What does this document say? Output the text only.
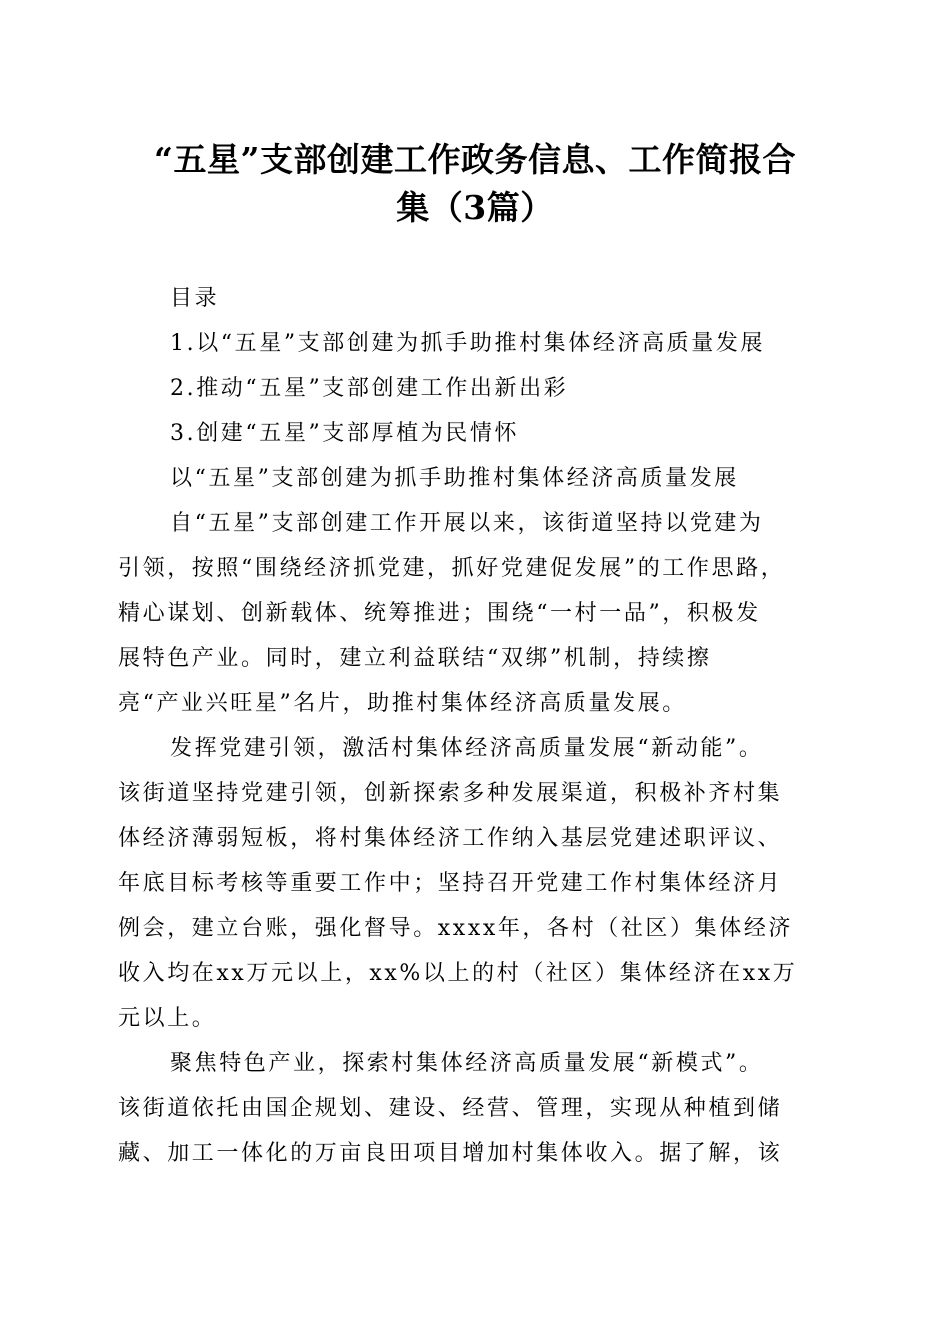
“五星”支部创建工作政务信息、工作简报合
集（3篇）

目录

1.以“五星”支部创建为抓手助推村集体经济高质量发展

2.推动“五星”支部创建工作出新出彩

3.创建“五星”支部厚植为民情怀

以“五星”支部创建为抓手助推村集体经济高质量发展

自“五星”支部创建工作开展以来，该街道坚持以党建为

引领，按照“围绕经济抓党建，抓好党建促发展”的工作思路，

精心谋划、创新载体、统筹推进；围绕“一村一品”，积极发

展特色产业。同时，建立利益联结“双绑”机制，持续擦

亮“产业兴旺星”名片，助推村集体经济高质量发展。

发挥党建引领，激活村集体经济高质量发展“新动能”。

该街道坚持党建引领，创新探索多种发展渠道，积极补齐村集

体经济薄弱短板，将村集体经济工作纳入基层党建述职评议、

年底目标考核等重要工作中；坚持召开党建工作村集体经济月

例会，建立台账，强化督导。xxxx年，各村（社区）集体经济

收入均在xx万元以上，xx%以上的村（社区）集体经济在xx万

元以上。

聚焦特色产业，探索村集体经济高质量发展“新模式”。

该街道依托由国企规划、建设、经营、管理，实现从种植到储

藏、加工一体化的万亩良田项目增加村集体收入。据了解，该
